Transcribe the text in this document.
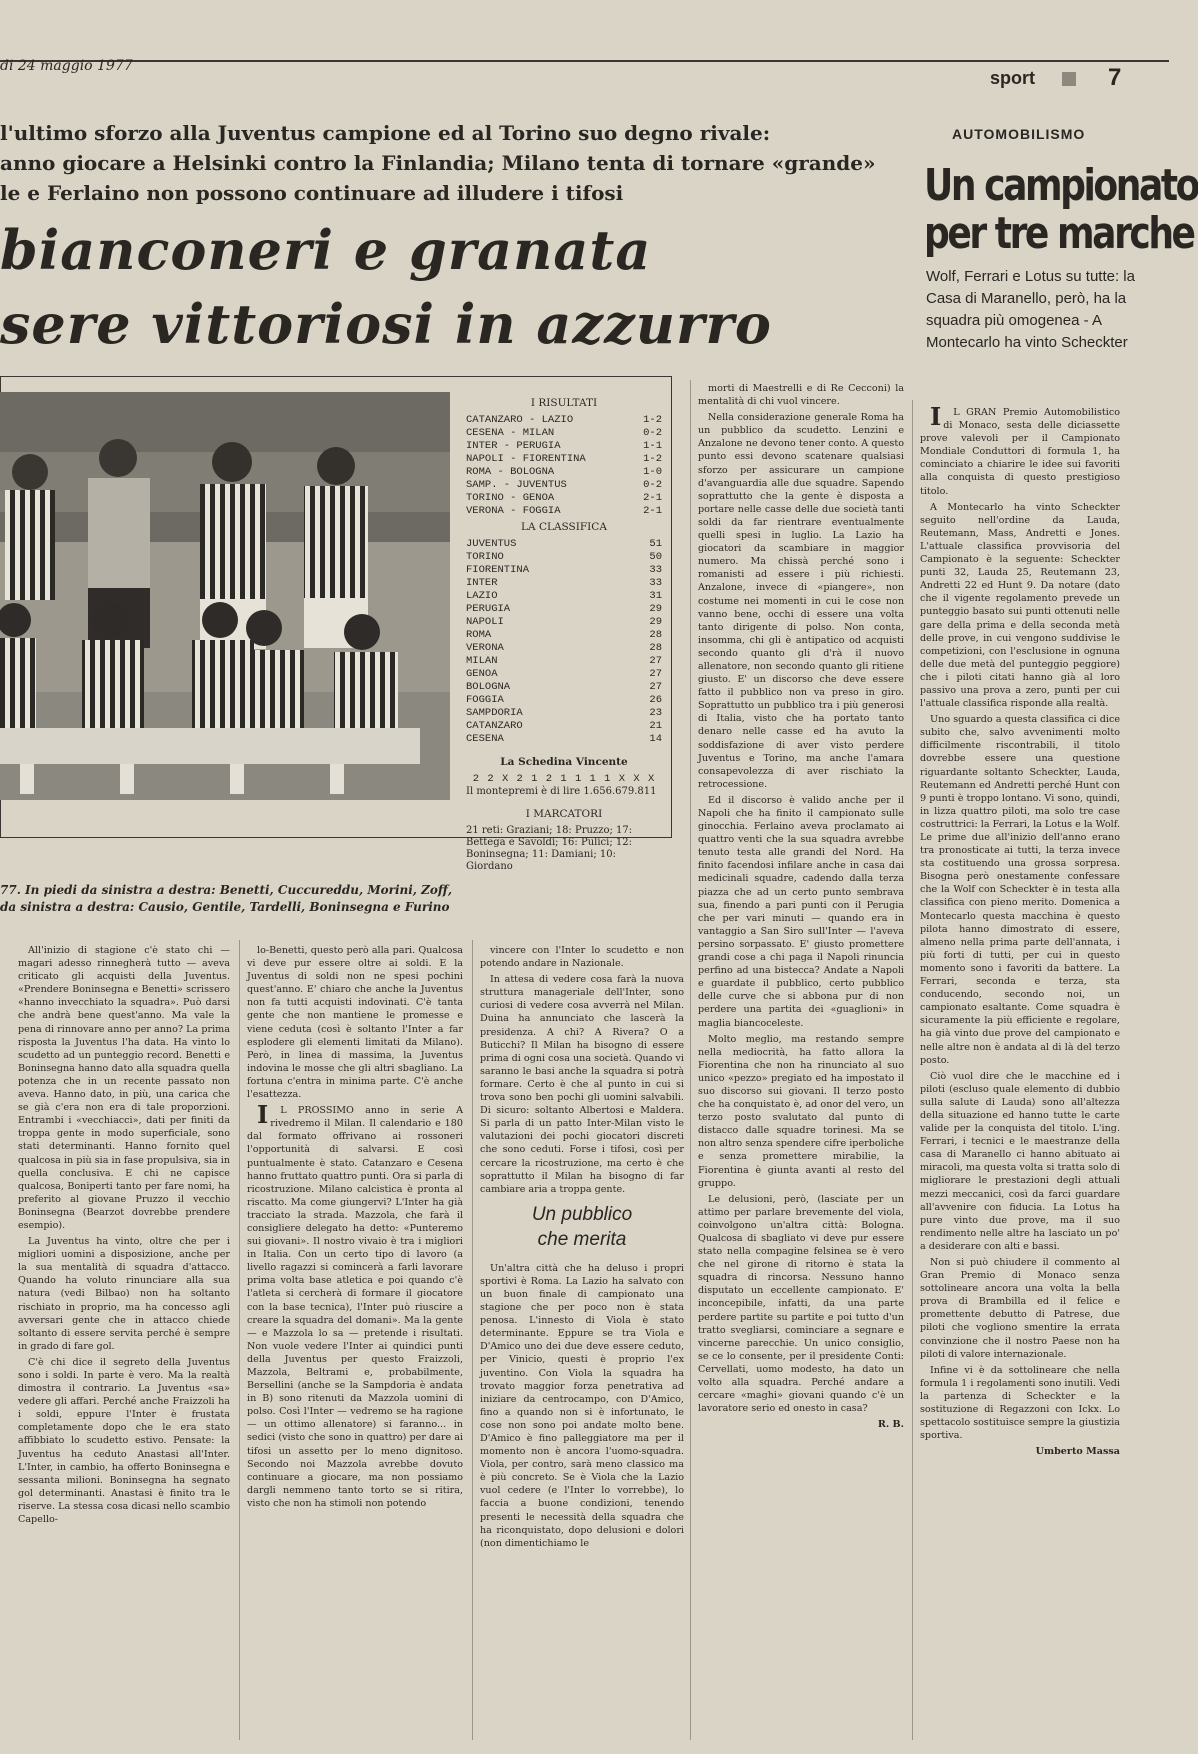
di 24 maggio 1977
sport	7
l'ultimo sforzo alla Juventus campione ed al Torino suo degno rivale:
anno giocare a Helsinki contro la Finlandia; Milano tenta di tornare «grande»
le e Ferlaino non possono continuare ad illudere i tifosi
bianconeri e granata
sere vittoriosi in azzurro
AUTOMOBILISMO
Un campionato
per tre marche
Wolf, Ferrari e Lotus su tutte: la Casa di Maranello, però, ha la squadra più omogenea - A Montecarlo ha vinto Scheckter
I RISULTATI
CATANZARO - LAZIO	1-2
CESENA - MILAN	0-2
INTER - PERUGIA	1-1
NAPOLI - FIORENTINA	1-2
ROMA - BOLOGNA	1-0
SAMP. - JUVENTUS	0-2
TORINO - GENOA	2-1
VERONA - FOGGIA	2-1
LA CLASSIFICA
JUVENTUS	51
TORINO	50
FIORENTINA	33
INTER	33
LAZIO	31
PERUGIA	29
NAPOLI	29
ROMA	28
VERONA	28
MILAN	27
GENOA	27
BOLOGNA	27
FOGGIA	26
SAMPDORIA	23
CATANZARO	21
CESENA	14
La Schedina Vincente
2 2 X 2 1 2 1 1 1 1 X X X
Il montepremi è di lire 1.656.679.811
I MARCATORI
21 reti: Graziani; 18: Pruzzo; 17: Bettega e Savoldi; 16: Pulici; 12: Boninsegna; 11: Damiani; 10: Giordano
77. In piedi da sinistra a destra: Benetti, Cuccureddu, Morini, Zoff,
da sinistra a destra: Causio, Gentile, Tardelli, Boninsegna e Furino

All'inizio di stagione c'è stato chi — magari adesso rinnegherà tutto — aveva criticato gli acquisti della Juventus. «Prendere Boninsegna e Benetti» scrissero «hanno invecchiato la squadra». Può darsi che andrà bene quest'anno. Ma vale la pena di rinnovare anno per anno? La prima risposta la Juventus l'ha data. Ha vinto lo scudetto ad un punteggio record. Benetti e Boninsegna hanno dato alla squadra quella potenza che in un recente passato non aveva. Hanno dato, in più, una carica che se già c'era non era di tale proporzioni. Entrambi i «vecchiacci», dati per finiti da troppa gente in modo superficiale, sono stati determinanti. Hanno fornito quel qualcosa in più sia in fase propulsiva, sia in quella conclusiva. E chi ne capisce qualcosa, Boniperti tanto per fare nomi, ha preferito al giovane Pruzzo il vecchio Boninsegna (Bearzot dovrebbe prendere esempio).

La Juventus ha vinto, oltre che per i migliori uomini a disposizione, anche per la sua mentalità di squadra d'attacco. Quando ha voluto rinunciare alla sua natura (vedi Bilbao) non ha soltanto rischiato in proprio, ma ha concesso agli avversari gente che in attacco chiede soltanto di essere servita perché è sempre in grado di fare gol.

C'è chi dice il segreto della Juventus sono i soldi. In parte è vero. Ma la realtà dimostra il contrario. La Juventus «sa» vedere gli affari. Perché anche Fraizzoli ha i soldi, eppure l'Inter è frustata completamente dopo che le era stato affibbiato lo scudetto estivo. Pensate: la Juventus ha ceduto Anastasi all'Inter. L'Inter, in cambio, ha offerto Boninsegna e sessanta milioni. Boninsegna ha segnato gol determinanti. Anastasi è finito tra le riserve. La stessa cosa dicasi nello scambio Capello-

lo-Benetti, questo però alla pari. Qualcosa vi deve pur essere oltre ai soldi. E la Juventus di soldi non ne spesi pochini quest'anno. E' chiaro che anche la Juventus non fa tutti acquisti indovinati. C'è tanta gente che non mantiene le promesse e viene ceduta (così è soltanto l'Inter a far esplodere gli elementi limitati da Milano). Però, in linea di massima, la Juventus indovina le mosse che gli altri sbagliano. La fortuna c'entra in minima parte. C'è anche l'esattezza.

IL PROSSIMO anno in serie A rivedremo il Milan. Il calendario e 180 dal formato offrivano ai rossoneri l'opportunità di salvarsi. E così puntualmente è stato. Catanzaro e Cesena hanno fruttato quattro punti. Ora si parla di ricostruzione. Milano calcistica è pronta al riscatto. Ma come giungervi? L'Inter ha già tracciato la strada. Mazzola, che farà il consigliere delegato ha detto: «Punteremo sui giovani». Il nostro vivaio è tra i migliori in Italia. Con un certo tipo di lavoro (a livello ragazzi si comincerà a farli lavorare prima volta base atletica e poi quando c'è l'atleta si cercherà di formare il giocatore con la base tecnica), l'Inter può riuscire a creare la squadra del domani». Ma la gente — e Mazzola lo sa — pretende i risultati. Non vuole vedere l'Inter ai quindici punti della Juventus per questo Fraizzoli, Mazzola, Beltrami e, probabilmente, Bersellini (anche se la Sampdoria è andata in B) sono ritenuti da Mazzola uomini di polso. Così l'Inter — vedremo se ha ragione — un ottimo allenatore) si faranno... in sedici (visto che sono in quattro) per dare ai tifosi un assetto per lo meno dignitoso. Secondo noi Mazzola avrebbe dovuto continuare a giocare, ma non possiamo dargli nemmeno tanto torto se si ritira, visto che non ha stimoli non potendo

vincere con l'Inter lo scudetto e non potendo andare in Nazionale.

In attesa di vedere cosa farà la nuova struttura manageriale dell'Inter, sono curiosi di vedere cosa avverrà nel Milan. Duina ha annunciato che lascerà la presidenza. A chi? A Rivera? O a Buticchi? Il Milan ha bisogno di essere prima di ogni cosa una società. Quando vi saranno le basi anche la squadra si potrà formare. Certo è che al punto in cui si trova sono ben pochi gli uomini salvabili. Di sicuro: soltanto Albertosi e Maldera. Si parla di un patto Inter-Milan visto le valutazioni dei pochi giocatori discreti che sono ceduti. Forse i tifosi, così per cercare la ricostruzione, ma certo è che soprattutto il Milan ha bisogno di far cambiare aria a troppa gente.

Un pubblico
che merita

Un'altra città che ha deluso i propri sportivi è Roma. La Lazio ha salvato con un buon finale di campionato una stagione che per poco non è stata penosa. L'innesto di Viola è stato determinante. Eppure se tra Viola e D'Amico uno dei due deve essere ceduto, per Vinicio, questi è proprio l'ex juventino. Con Viola la squadra ha trovato maggior forza penetrativa ad iniziare da centrocampo, con D'Amico, fino a quando non si è infortunato, le cose non sono poi andate molto bene. D'Amico è fino palleggiatore ma per il momento non è ancora l'uomo-squadra. Viola, per contro, sarà meno classico ma è più concreto. Se è Viola che la Lazio vuol cedere (e l'Inter lo vorrebbe), lo faccia a buone condizioni, tenendo presenti le necessità della squadra che ha riconquistato, dopo delusioni e dolori (non dimentichiamo le

morti di Maestrelli e di Re Cecconi) la mentalità di chi vuol vincere.

Nella considerazione generale Roma ha un pubblico da scudetto. Lenzini e Anzalone ne devono tener conto. A questo punto essi devono scatenare qualsiasi sforzo per assicurare un campione d'avanguardia alle due squadre. Sapendo soprattutto che la gente è disposta a portare nelle casse delle due società tanti soldi da far rientrare eventualmente quelli spesi in luglio. La Lazio ha giocatori da scambiare in maggior numero. Ma chissà perché sono i romanisti ad essere i più richiesti. Anzalone, invece di «piangere», non costume nei momenti in cui le cose non vanno bene, occhi di essere una volta tanto dirigente di polso. Non conta, insomma, chi gli è antipatico od acquisti secondo quanto gli d'rà il nuovo allenatore, non secondo quanto gli ritiene giusto. E' un discorso che deve essere fatto il pubblico non va preso in giro. Soprattutto un pubblico tra i più generosi di Italia, visto che ha portato tanto denaro nelle casse ed ha avuto la soddisfazione di aver visto perdere Juventus e Torino, ma anche l'amara consapevolezza di aver rischiato la retrocessione.

Ed il discorso è valido anche per il Napoli che ha finito il campionato sulle ginocchia. Ferlaino aveva proclamato ai quattro venti che la sua squadra avrebbe tenuto testa alle grandi del Nord. Ha finito facendosi infilare anche in casa dai medicinali squadre, cadendo dalla terza piazza che ad un certo punto sembrava sua, finendo a pari punti con il Perugia che per vari minuti — quando era in vantaggio a San Siro sull'Inter — l'aveva persino sorpassato. E' giusto promettere grandi cose a chi paga il Napoli rinuncia perfino ad una bistecca? Andate a Napoli e guardate il pubblico, certo pubblico delle curve che si abbona pur di non perdere una partita dei «guaglioni» in maglia biancoceleste.

Molto meglio, ma restando sempre nella mediocrità, ha fatto allora la Fiorentina che non ha rinunciato al suo unico «pezzo» pregiato ed ha impostato il suo discorso sui giovani. Il terzo posto che ha conquistato è, ad onor del vero, un terzo posto svalutato dal punto di distacco dalle squadre torinesi. Ma se non altro senza spendere cifre iperboliche e senza promettere mirabilie, la Fiorentina è giunta avanti al resto del gruppo.

Le delusioni, però, (lasciate per un attimo per parlare brevemente del viola, coinvolgono un'altra città: Bologna. Qualcosa di sbagliato vi deve pur essere stato nella compagine felsinea se è vero che nel girone di ritorno è stata la squadra di rincorsa. Nessuno hanno disputato un eccellente campionato. E' inconcepibile, infatti, da una parte perdere partite su partite e poi tutto d'un tratto svegliarsi, cominciare a segnare e vincerne parecchie. Un unico consiglio, se ce lo consente, per il presidente Conti: Cervellati, uomo modesto, ha dato un volto alla squadra. Perché andare a cercare «maghi» giovani quando c'è un lavoratore serio ed onesto in casa?

R. B.

IL GRAN Premio Automobilistico di Monaco, sesta delle diciassette prove valevoli per il Campionato Mondiale Conduttori di formula 1, ha cominciato a chiarire le idee sui favoriti alla conquista di questo prestigioso titolo.

A Montecarlo ha vinto Scheckter seguito nell'ordine da Lauda, Reutemann, Mass, Andretti e Jones. L'attuale classifica provvisoria del Campionato è la seguente: Scheckter punti 32, Lauda 25, Reutemann 23, Andretti 22 ed Hunt 9. Da notare (dato che il vigente regolamento prevede un punteggio basato sui punti ottenuti nelle gare della prima e della seconda metà delle prove, in cui vengono suddivise le competizioni, con l'esclusione in ognuna delle due metà del punteggio peggiore) che i piloti citati hanno già al loro passivo una prova a zero, punti per cui l'attuale classifica risponde alla realtà.

Uno sguardo a questa classifica ci dice subito che, salvo avvenimenti molto difficilmente riscontrabili, il titolo dovrebbe essere una questione riguardante soltanto Scheckter, Lauda, Reutemann ed Andretti perché Hunt con 9 punti è troppo lontano. Vi sono, quindi, in lizza quattro piloti, ma solo tre case costruttrici: la Ferrari, la Lotus e la Wolf. Le prime due all'inizio dell'anno erano tra pronosticate ai tutti, la terza invece sta costituendo una grossa sorpresa. Bisogna però onestamente confessare che la Wolf con Scheckter è in testa alla classifica con pieno merito. Domenica a Montecarlo questa macchina è questo pilota hanno dimostrato di essere, almeno nella prima parte dell'annata, i più forti di tutti, per cui in questo momento sono i favoriti da battere. La Ferrari, seconda e terza, sta conducendo, secondo noi, un campionato esaltante. Come squadra è sicuramente la più efficiente e regolare, ha già vinto due prove del campionato e nelle altre non è andata al di là del terzo posto.

Ciò vuol dire che le macchine ed i piloti (escluso quale elemento di dubbio sulla salute di Lauda) sono all'altezza della situazione ed hanno tutte le carte valide per la conquista del titolo. L'ing. Ferrari, i tecnici e le maestranze della casa di Maranello ci hanno abituato ai miracoli, ma questa volta si tratta solo di migliorare le prestazioni degli attuali mezzi meccanici, così da farci guardare all'avvenire con fiducia. La Lotus ha pure vinto due prove, ma il suo rendimento nelle altre ha lasciato un po' a desiderare con alti e bassi.

Non si può chiudere il commento al Gran Premio di Monaco senza sottolineare ancora una volta la bella prova di Brambilla ed il felice e promettente debutto di Patrese, due piloti che vogliono smentire la errata convinzione che il nostro Paese non ha piloti di valore internazionale.

Infine vi è da sottolineare che nella formula 1 i regolamenti sono inutili. Vedi la partenza di Scheckter e la sostituzione di Regazzoni con Ickx. Lo spettacolo sostituisce sempre la giustizia sportiva.

Umberto Massa
